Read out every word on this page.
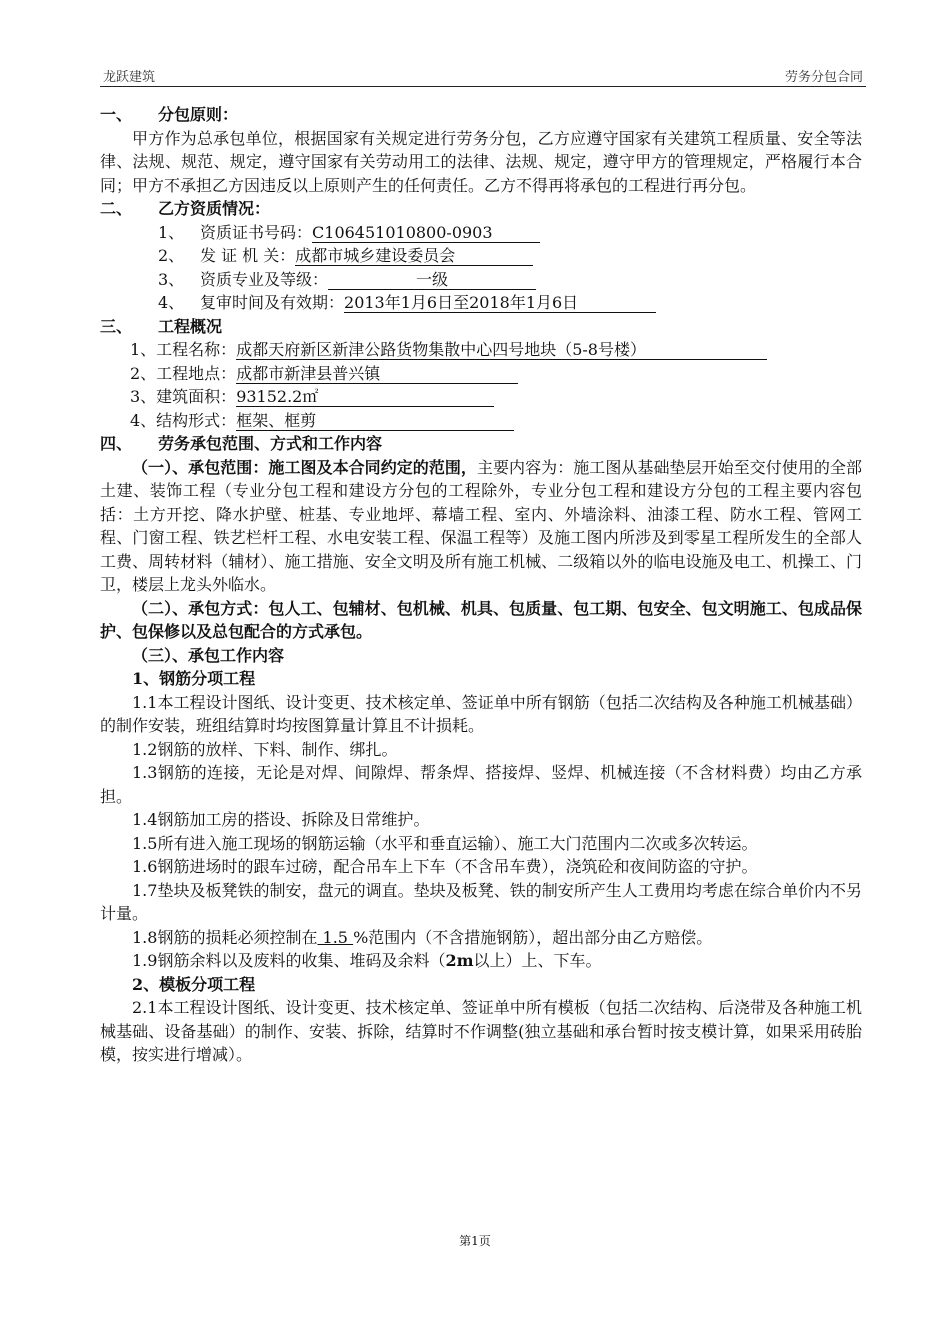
龙跃建筑	劳务分包合同

一、 分包原则：

甲方作为总承包单位，根据国家有关规定进行劳务分包，乙方应遵守国家有关建筑工程质量、安全等法律、法规、规范、规定，遵守国家有关劳动用工的法律、法规、规定，遵守甲方的管理规定，严格履行本合同；甲方不承担乙方因违反以上原则产生的任何责任。乙方不得再将承包的工程进行再分包。

二、 乙方资质情况：

1、 资质证书号码：C106451010800-0903

2、 发 证 机 关：成都市城乡建设委员会

3、 资质专业及等级：	一级

4、 复审时间及有效期：2013年1月6日至2018年1月6日

三、 工程概况

1、工程名称：成都天府新区新津公路货物集散中心四号地块（5-8号楼）

2、工程地点：成都市新津县普兴镇

3、建筑面积：93152.2㎡

4、结构形式：框架、框剪

四、 劳务承包范围、方式和工作内容

（一）、承包范围：施工图及本合同约定的范围，主要内容为：施工图从基础垫层开始至交付使用的全部土建、装饰工程（专业分包工程和建设方分包的工程除外，专业分包工程和建设方分包的工程主要内容包括：土方开挖、降水护壁、桩基、专业地坪、幕墙工程、室内、外墙涂料、油漆工程、防水工程、管网工程、门窗工程、铁艺栏杆工程、水电安装工程、保温工程等）及施工图内所涉及到零星工程所发生的全部人工费、周转材料（辅材）、施工措施、安全文明及所有施工机械、二级箱以外的临电设施及电工、机操工、门卫，楼层上龙头外临水。

（二）、承包方式：包人工、包辅材、包机械、机具、包质量、包工期、包安全、包文明施工、包成品保护、包保修以及总包配合的方式承包。

（三）、承包工作内容

1、钢筋分项工程

1.1本工程设计图纸、设计变更、技术核定单、签证单中所有钢筋（包括二次结构及各种施工机械基础）的制作安装，班组结算时均按图算量计算且不计损耗。

1.2钢筋的放样、下料、制作、绑扎。

1.3钢筋的连接，无论是对焊、间隙焊、帮条焊、搭接焊、竖焊、机械连接（不含材料费）均由乙方承担。

1.4钢筋加工房的搭设、拆除及日常维护。

1.5所有进入施工现场的钢筋运输（水平和垂直运输）、施工大门范围内二次或多次转运。

1.6钢筋进场时的跟车过磅，配合吊车上下车（不含吊车费），浇筑砼和夜间防盗的守护。

1.7垫块及板凳铁的制安，盘元的调直。垫块及板凳、铁的制安所产生人工费用均考虑在综合单价内不另计量。

1.8钢筋的损耗必须控制在 1.5 %范围内（不含措施钢筋），超出部分由乙方赔偿。

1.9钢筋余料以及废料的收集、堆码及余料（2m以上）上、下车。

2、模板分项工程

2.1本工程设计图纸、设计变更、技术核定单、签证单中所有模板（包括二次结构、后浇带及各种施工机械基础、设备基础）的制作、安装、拆除，结算时不作调整(独立基础和承台暂时按支模计算，如果采用砖胎模，按实进行增减）。

第1页
